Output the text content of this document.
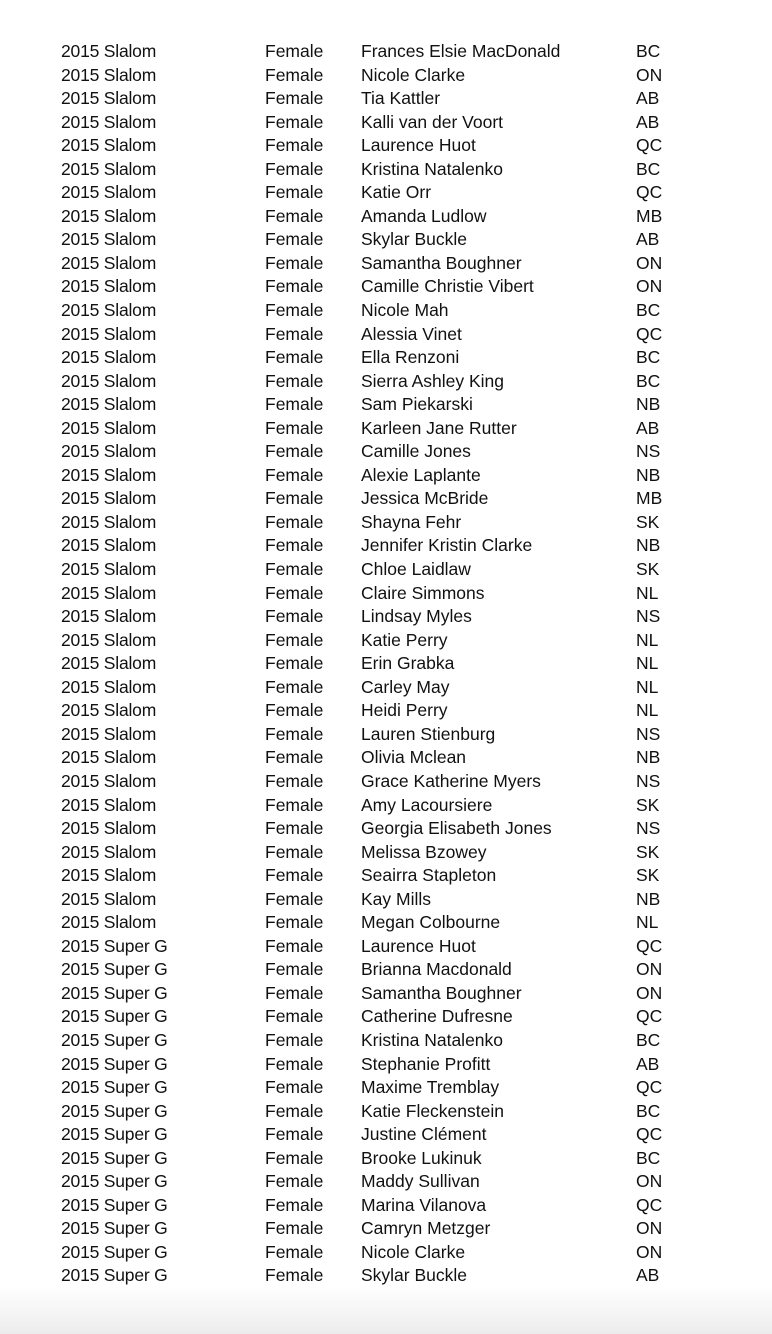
2015 Slalom	Female Frances Elsie MacDonald	BC
2015 Slalom	Female Nicole Clarke	ON
2015 Slalom	Female Tia Kattler	AB
2015 Slalom	Female Kalli van der Voort	AB
2015 Slalom	Female Laurence Huot	QC
2015 Slalom	Female Kristina Natalenko	BC
2015 Slalom	Female Katie Orr	QC
2015 Slalom	Female Amanda Ludlow	MB
2015 Slalom	Female Skylar Buckle	AB
2015 Slalom	Female Samantha Boughner	ON
2015 Slalom	Female Camille Christie Vibert	ON
2015 Slalom	Female Nicole Mah	BC
2015 Slalom	Female Alessia Vinet	QC
2015 Slalom	Female Ella Renzoni	BC
2015 Slalom	Female Sierra Ashley King	BC
2015 Slalom	Female Sam Piekarski	NB
2015 Slalom	Female Karleen Jane Rutter	AB
2015 Slalom	Female Camille Jones	NS
2015 Slalom	Female Alexie Laplante	NB
2015 Slalom	Female Jessica McBride	MB
2015 Slalom	Female Shayna Fehr	SK
2015 Slalom	Female Jennifer Kristin Clarke	NB
2015 Slalom	Female Chloe Laidlaw	SK
2015 Slalom	Female Claire Simmons	NL
2015 Slalom	Female Lindsay Myles	NS
2015 Slalom	Female Katie Perry	NL
2015 Slalom	Female Erin Grabka	NL
2015 Slalom	Female Carley May	NL
2015 Slalom	Female Heidi Perry	NL
2015 Slalom	Female Lauren Stienburg	NS
2015 Slalom	Female Olivia Mclean	NB
2015 Slalom	Female Grace Katherine Myers	NS
2015 Slalom	Female Amy Lacoursiere	SK
2015 Slalom	Female Georgia Elisabeth Jones	NS
2015 Slalom	Female Melissa Bzowey	SK
2015 Slalom	Female Seairra Stapleton	SK
2015 Slalom	Female Kay Mills	NB
2015 Slalom	Female Megan Colbourne	NL
2015 Super G	Female Laurence Huot	QC
2015 Super G	Female Brianna Macdonald	ON
2015 Super G	Female Samantha Boughner	ON
2015 Super G	Female Catherine Dufresne	QC
2015 Super G	Female Kristina Natalenko	BC
2015 Super G	Female Stephanie Profitt	AB
2015 Super G	Female Maxime Tremblay	QC
2015 Super G	Female Katie Fleckenstein	BC
2015 Super G	Female Justine Clément	QC
2015 Super G	Female Brooke Lukinuk	BC
2015 Super G	Female Maddy Sullivan	ON
2015 Super G	Female Marina Vilanova	QC
2015 Super G	Female Camryn Metzger	ON
2015 Super G	Female Nicole Clarke	ON
2015 Super G	Female Skylar Buckle	AB
